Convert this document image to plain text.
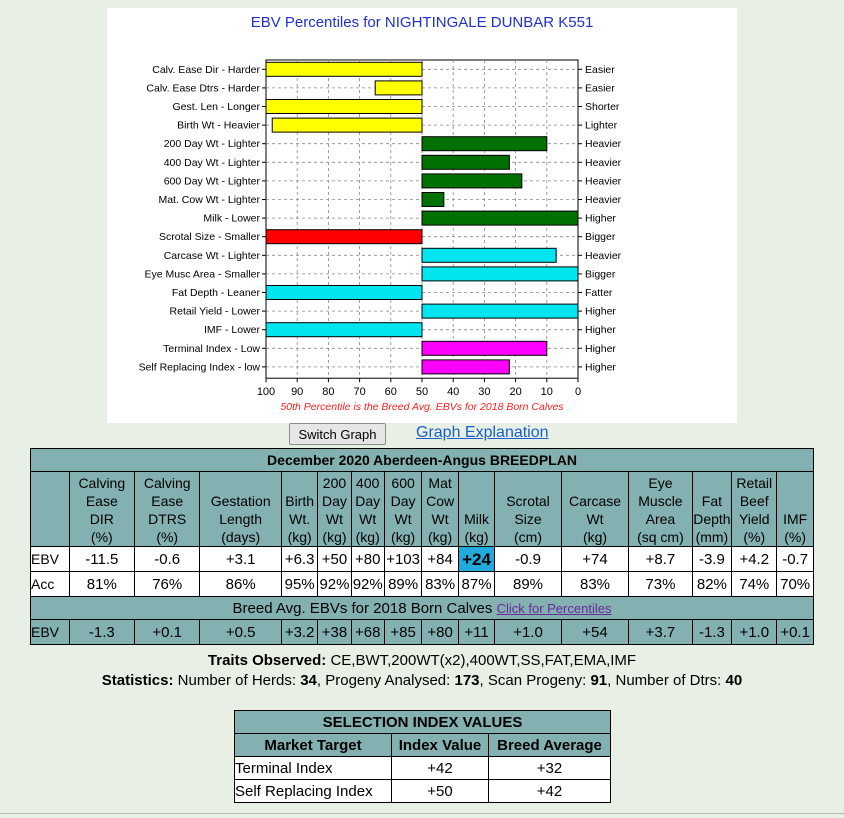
EBV Percentiles for NIGHTINGALE DUNBAR K551
Calv. Ease Dir - Harder	Easier
Calv. Ease Dtrs - Harder	Easier
Gest. Len - Longer	Shorter
Birth Wt - Heavier	Lighter
200 Day Wt - Lighter	Heavier
400 Day Wt - Lighter	Heavier
600 Day Wt - Lighter	Heavier
Mat. Cow Wt - Lighter	Heavier
Milk - Lower	Higher
Scrotal Size - Smaller	Bigger
Carcase Wt - Lighter	Heavier
Eye Musc Area - Smaller	Bigger
Fat Depth - Leaner	Fatter
Retail Yield - Lower	Higher
IMF - Lower	Higher
Terminal Index - Low	Higher
Self Replacing Index - low	Higher
100 90 80 70 60 50 40 30 20 10 0
50th Percentile is the Breed Avg. EBVs for 2018 Born Calves
Switch Graph	Graph Explanation
December 2020 Aberdeen-Angus BREEDPLAN															
	Calving
Ease
DIR
(%)	Calving
Ease
DTRS
(%)	Gestation
Length
(days)	Birth
Wt.
(kg)	200
Day
Wt
(kg)	400
Day
Wt
(kg)	600
Day
Wt
(kg)	Mat
Cow
Wt
(kg)	Milk
(kg)	Scrotal
Size
(cm)	Carcase
Wt
(kg)	Eye
Muscle
Area
(sq cm)	Fat
Depth
(mm)	Retail
Beef
Yield
(%)	IMF
(%)
EBV	-11.5	-0.6	+3.1	+6.3	+50	+80	+103	+84	+24	-0.9	+74	+8.7	-3.9	+4.2	-0.7
Acc	81%	76%	86%	95%	92%	92%	89%	83%	87%	89%	83%	73%	82%	74%	70%
Breed Avg. EBVs for 2018 Born Calves Click for Percentiles															
EBV	-1.3	+0.1	+0.5	+3.2	+38	+68	+85	+80	+11	+1.0	+54	+3.7	-1.3	+1.0	+0.1
Traits Observed: CE,BWT,200WT(x2),400WT,SS,FAT,EMA,IMF
Statistics: Number of Herds: 34, Progeny Analysed: 173, Scan Progeny: 91, Number of Dtrs: 40
SELECTION INDEX VALUES		
Market Target	Index Value	Breed Average
Terminal Index	+42	+32
Self Replacing Index	+50	+42
